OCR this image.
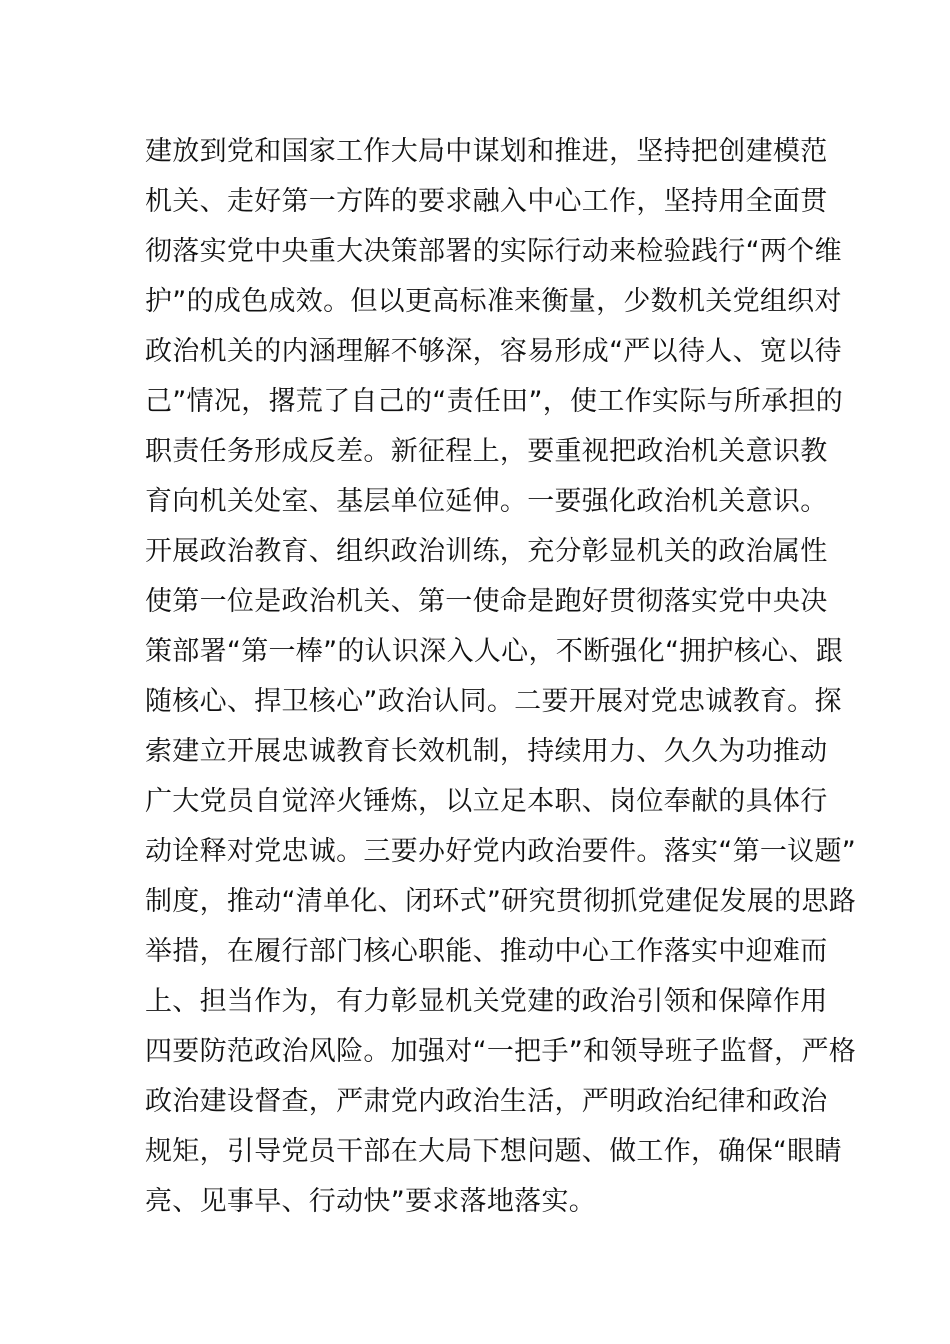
建放到党和国家工作大局中谋划和推进，坚持把创建模范
机关、走好第一方阵的要求融入中心工作，坚持用全面贯
彻落实党中央重大决策部署的实际行动来检验践行“两个维
护”的成色成效。但以更高标准来衡量，少数机关党组织对
政治机关的内涵理解不够深，容易形成“严以待人、宽以待
己”情况，撂荒了自己的“责任田”，使工作实际与所承担的
职责任务形成反差。新征程上，要重视把政治机关意识教
育向机关处室、基层单位延伸。一要强化政治机关意识。
开展政治教育、组织政治训练，充分彰显机关的政治属性
使第一位是政治机关、第一使命是跑好贯彻落实党中央决
策部署“第一棒”的认识深入人心，不断强化“拥护核心、跟
随核心、捍卫核心”政治认同。二要开展对党忠诚教育。探
索建立开展忠诚教育长效机制，持续用力、久久为功推动
广大党员自觉淬火锤炼，以立足本职、岗位奉献的具体行
动诠释对党忠诚。三要办好党内政治要件。落实“第一议题”
制度，推动“清单化、闭环式”研究贯彻抓党建促发展的思路
举措，在履行部门核心职能、推动中心工作落实中迎难而
上、担当作为，有力彰显机关党建的政治引领和保障作用
四要防范政治风险。加强对“一把手”和领导班子监督，严格
政治建设督查，严肃党内政治生活，严明政治纪律和政治
规矩，引导党员干部在大局下想问题、做工作，确保“眼睛
亮、见事早、行动快”要求落地落实。
